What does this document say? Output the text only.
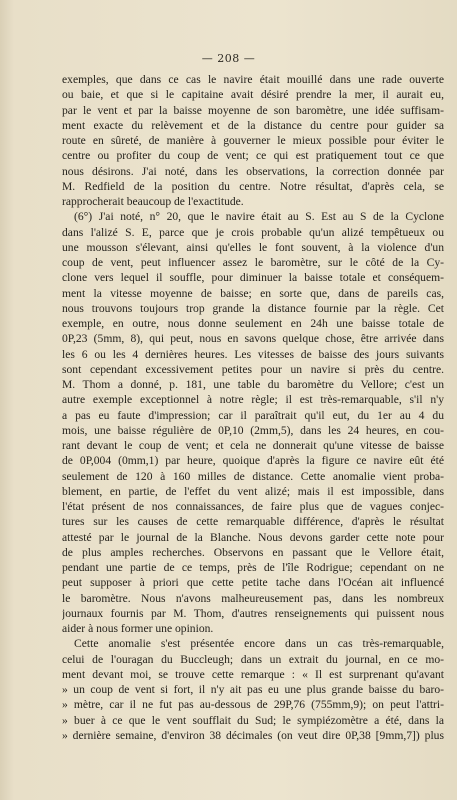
— 208 —
exemples, que dans ce cas le navire était mouillé dans une rade ouverte
ou baie, et que si le capitaine avait désiré prendre la mer, il aurait eu,
par le vent et par la baisse moyenne de son baromètre, une idée suffisam-
ment exacte du relèvement et de la distance du centre pour guider sa
route en sûreté, de manière à gouverner le mieux possible pour éviter le
centre ou profiter du coup de vent; ce qui est pratiquement tout ce que
nous désirons. J'ai noté, dans les observations, la correction donnée par
M. Redfield de la position du centre. Notre résultat, d'après cela, se
rapprocherait beaucoup de l'exactitude.
(6°) J'ai noté, n° 20, que le navire était au S. Est au S de la Cyclone
dans l'alizé S. E, parce que je crois probable qu'un alizé tempêtueux ou
une mousson s'élevant, ainsi qu'elles le font souvent, à la violence d'un
coup de vent, peut influencer assez le baromètre, sur le côté de la Cy-
clone vers lequel il souffle, pour diminuer la baisse totale et conséquem-
ment la vitesse moyenne de baisse; en sorte que, dans de pareils cas,
nous trouvons toujours trop grande la distance fournie par la règle. Cet
exemple, en outre, nous donne seulement en 24h une baisse totale de
0P,23 (5mm, 8), qui peut, nous en savons quelque chose, être arrivée dans
les 6 ou les 4 dernières heures. Les vitesses de baisse des jours suivants
sont cependant excessivement petites pour un navire si près du centre.
M. Thom a donné, p. 181, une table du baromètre du Vellore; c'est un
autre exemple exceptionnel à notre règle; il est très-remarquable, s'il n'y
a pas eu faute d'impression; car il paraîtrait qu'il eut, du 1er au 4 du
mois, une baisse régulière de 0P,10 (2mm,5), dans les 24 heures, en cou-
rant devant le coup de vent; et cela ne donnerait qu'une vitesse de baisse
de 0P,004 (0mm,1) par heure, quoique d'après la figure ce navire eût été
seulement de 120 à 160 milles de distance. Cette anomalie vient proba-
blement, en partie, de l'effet du vent alizé; mais il est impossible, dans
l'état présent de nos connaissances, de faire plus que de vagues conjec-
tures sur les causes de cette remarquable différence, d'après le résultat
attesté par le journal de la Blanche. Nous devons garder cette note pour
de plus amples recherches. Observons en passant que le Vellore était,
pendant une partie de ce temps, près de l'île Rodrigue; cependant on ne
peut supposer à priori que cette petite tache dans l'Océan ait influencé
le baromètre. Nous n'avons malheureusement pas, dans les nombreux
journaux fournis par M. Thom, d'autres renseignements qui puissent nous
aider à nous former une opinion.
Cette anomalie s'est présentée encore dans un cas très-remarquable,
celui de l'ouragan du Buccleugh; dans un extrait du journal, en ce mo-
ment devant moi, se trouve cette remarque : « Il est surprenant qu'avant
» un coup de vent si fort, il n'y ait pas eu une plus grande baisse du baro-
» mètre, car il ne fut pas au-dessous de 29P,76 (755mm,9); on peut l'attri-
» buer à ce que le vent soufflait du Sud; le sympiézomètre a été, dans la
» dernière semaine, d'environ 38 décimales (on veut dire 0P,38 [9mm,7]) plus
